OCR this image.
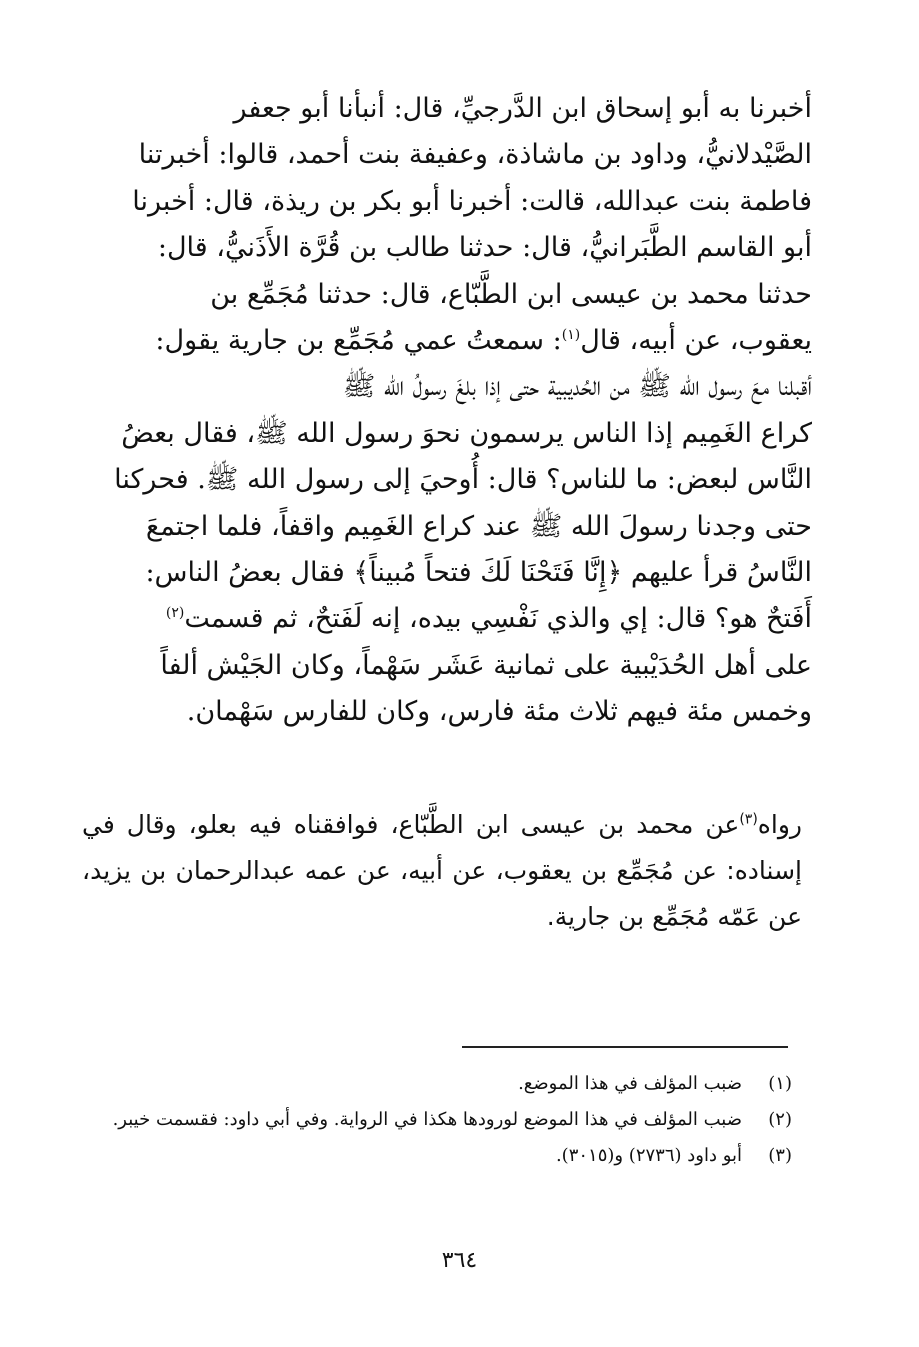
أخبرنا به أبو إسحاق ابن الدَّرجيِّ، قال: أنبأنا أبو جعفر

الصَّيْدلانيُّ، وداود بن ماشاذة، وعفيفة بنت أحمد، قالوا: أخبرتنا

فاطمة بنت عبدالله، قالت: أخبرنا أبو بكر بن ريذة، قال: أخبرنا

أبو القاسم الطَّبَرانيُّ، قال: حدثنا طالب بن قُرَّة الأَذَنيُّ، قال:

حدثنا محمد بن عيسى ابن الطَّبّاع، قال: حدثنا مُجَمِّع بن

يعقوب، عن أبيه، قال$^{(١)}$: سمعتُ عمي مُجَمِّع بن جارية يقول:

أقبلنا معَ رسول الله ﷺ من الحُديبية حتى إذا بلغَ رسولُ الله ﷺ

كراع الغَمِيم إذا الناس يرسمون نحوَ رسول الله ﷺ، فقال بعضُ

النَّاس لبعض: ما للناس؟ قال: أُوحيَ إلى رسول الله ﷺ. فحركنا

حتى وجدنا رسولَ الله ﷺ عند كراع الغَمِيم واقفاً، فلما اجتمعَ

النَّاسُ قرأ عليهم ﴿إِنَّا فَتَحْنَا لَكَ فتحاً مُبيناً﴾ فقال بعضُ الناس:

أَفَتحٌ هو؟ قال: إي والذي نَفْسِي بيده، إنه لَفَتحٌ، ثم قسمت$^{(٢)}$

على أهل الحُدَيْبية على ثمانية عَشَر سَهْماً، وكان الجَيْش ألفاً

وخمس مئة فيهم ثلاث مئة فارس، وكان للفارس سَهْمان.

رواه$^{(٣)}$عن محمد بن عيسى ابن الطَّبّاع، فوافقناه فيه بعلو، وقال في إسناده: عن مُجَمِّع بن يعقوب، عن أبيه، عن عمه عبدالرحمان بن يزيد، عن عَمّه مُجَمِّع بن جارية.

(١)
ضبب المؤلف في هذا الموضع.
(٢)
ضبب المؤلف في هذا الموضع لورودها هكذا في الرواية. وفي أبي داود: فقسمت خيبر.
(٣)
أبو داود (٢٧٣٦) و(٣٠١٥).
٣٦٤
